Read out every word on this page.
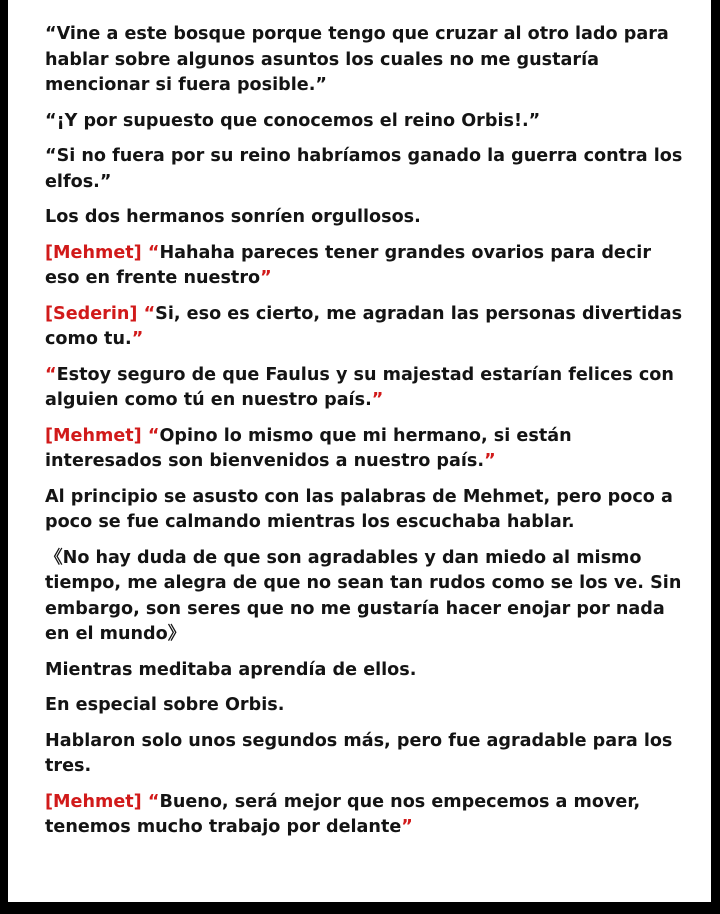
“Vine a este bosque porque tengo que cruzar al otro lado para hablar sobre algunos asuntos los cuales no me gustaría mencionar si fuera posible.”

“¡Y por supuesto que conocemos el reino Orbis!.”

“Si no fuera por su reino habríamos ganado la guerra contra los elfos.”

Los dos hermanos sonríen orgullosos.

[Mehmet] “Hahaha pareces tener grandes ovarios para decir eso en frente nuestro”

[Sederin] “Si, eso es cierto, me agradan las personas divertidas como tu.”

“Estoy seguro de que Faulus y su majestad estarían felices con alguien como tú en nuestro país.”

[Mehmet] “Opino lo mismo que mi hermano, si están interesados son bienvenidos a nuestro país.”

Al principio se asusto con las palabras de Mehmet, pero poco a poco se fue calmando mientras los escuchaba hablar.

《No hay duda de que son agradables y dan miedo al mismo tiempo, me alegra de que no sean tan rudos como se los ve. Sin embargo, son seres que no me gustaría hacer enojar por nada en el mundo》

Mientras meditaba aprendía de ellos.

En especial sobre Orbis.

Hablaron solo unos segundos más, pero fue agradable para los tres.

[Mehmet] “Bueno, será mejor que nos empecemos a mover, tenemos mucho trabajo por delante”
